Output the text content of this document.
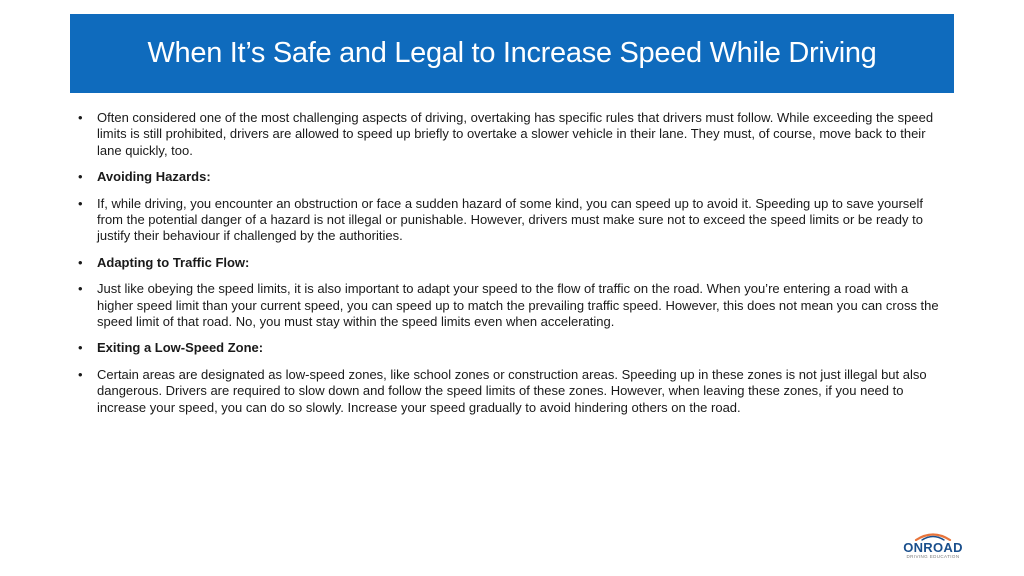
When It’s Safe and Legal to Increase Speed While Driving
• Often considered one of the most challenging aspects of driving, overtaking has specific rules that drivers must follow. While exceeding the speed limits is still prohibited, drivers are allowed to speed up briefly to overtake a slower vehicle in their lane. They must, of course, move back to their lane quickly, too.
• Avoiding Hazards:
• If, while driving, you encounter an obstruction or face a sudden hazard of some kind, you can speed up to avoid it. Speeding up to save yourself from the potential danger of a hazard is not illegal or punishable. However, drivers must make sure not to exceed the speed limits or be ready to justify their behaviour if challenged by the authorities.
• Adapting to Traffic Flow:
• Just like obeying the speed limits, it is also important to adapt your speed to the flow of traffic on the road. When you’re entering a road with a higher speed limit than your current speed, you can speed up to match the prevailing traffic speed. However, this does not mean you can cross the speed limit of that road. No, you must stay within the speed limits even when accelerating.
• Exiting a Low-Speed Zone:
• Certain areas are designated as low-speed zones, like school zones or construction areas. Speeding up in these zones is not just illegal but also dangerous. Drivers are required to slow down and follow the speed limits of these zones. However, when leaving these zones, if you need to increase your speed, you can do so slowly. Increase your speed gradually to avoid hindering others on the road.
ONROAD
DRIVING EDUCATION
